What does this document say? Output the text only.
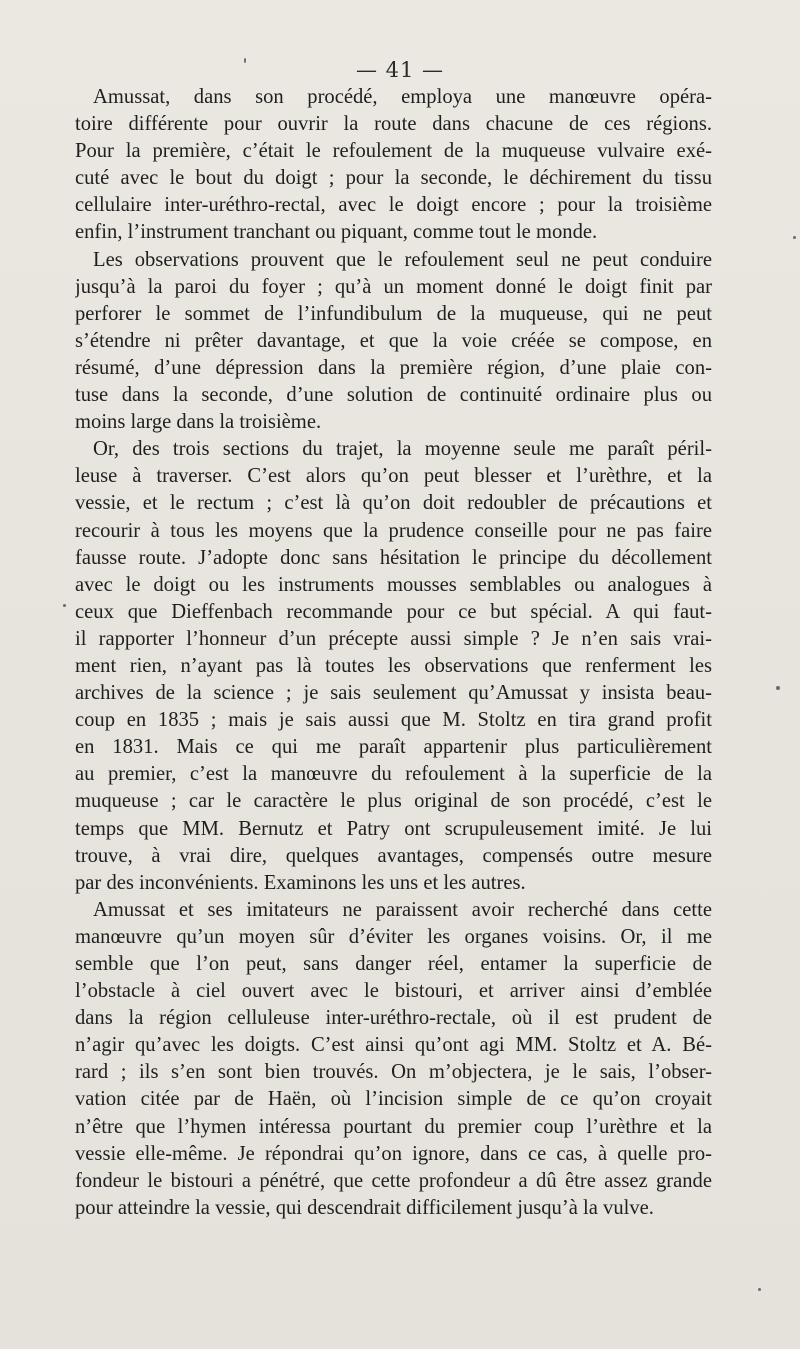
— 41 —
Amussat, dans son procédé, employa une manœuvre opéra-
toire différente pour ouvrir la route dans chacune de ces régions.
Pour la première, c’était le refoulement de la muqueuse vulvaire exé-
cuté avec le bout du doigt ; pour la seconde, le déchirement du tissu
cellulaire inter-uréthro-rectal, avec le doigt encore ; pour la troisième
enfin, l’instrument tranchant ou piquant, comme tout le monde.
Les observations prouvent que le refoulement seul ne peut conduire
jusqu’à la paroi du foyer ; qu’à un moment donné le doigt finit par
perforer le sommet de l’infundibulum de la muqueuse, qui ne peut
s’étendre ni prêter davantage, et que la voie créée se compose, en
résumé, d’une dépression dans la première région, d’une plaie con-
tuse dans la seconde, d’une solution de continuité ordinaire plus ou
moins large dans la troisième.
Or, des trois sections du trajet, la moyenne seule me paraît péril-
leuse à traverser. C’est alors qu’on peut blesser et l’urèthre, et la
vessie, et le rectum ; c’est là qu’on doit redoubler de précautions et
recourir à tous les moyens que la prudence conseille pour ne pas faire
fausse route. J’adopte donc sans hésitation le principe du décollement
avec le doigt ou les instruments mousses semblables ou analogues à
ceux que Dieffenbach recommande pour ce but spécial. A qui faut-
il rapporter l’honneur d’un précepte aussi simple ? Je n’en sais vrai-
ment rien, n’ayant pas là toutes les observations que renferment les
archives de la science ; je sais seulement qu’Amussat y insista beau-
coup en 1835 ; mais je sais aussi que M. Stoltz en tira grand profit
en 1831. Mais ce qui me paraît appartenir plus particulièrement
au premier, c’est la manœuvre du refoulement à la superficie de la
muqueuse ; car le caractère le plus original de son procédé, c’est le
temps que MM. Bernutz et Patry ont scrupuleusement imité. Je lui
trouve, à vrai dire, quelques avantages, compensés outre mesure
par des inconvénients. Examinons les uns et les autres.
Amussat et ses imitateurs ne paraissent avoir recherché dans cette
manœuvre qu’un moyen sûr d’éviter les organes voisins. Or, il me
semble que l’on peut, sans danger réel, entamer la superficie de
l’obstacle à ciel ouvert avec le bistouri, et arriver ainsi d’emblée
dans la région celluleuse inter-uréthro-rectale, où il est prudent de
n’agir qu’avec les doigts. C’est ainsi qu’ont agi MM. Stoltz et A. Bé-
rard ; ils s’en sont bien trouvés. On m’objectera, je le sais, l’obser-
vation citée par de Haën, où l’incision simple de ce qu’on croyait
n’être que l’hymen intéressa pourtant du premier coup l’urèthre et la
vessie elle-même. Je répondrai qu’on ignore, dans ce cas, à quelle pro-
fondeur le bistouri a pénétré, que cette profondeur a dû être assez grande
pour atteindre la vessie, qui descendrait difficilement jusqu’à la vulve.
